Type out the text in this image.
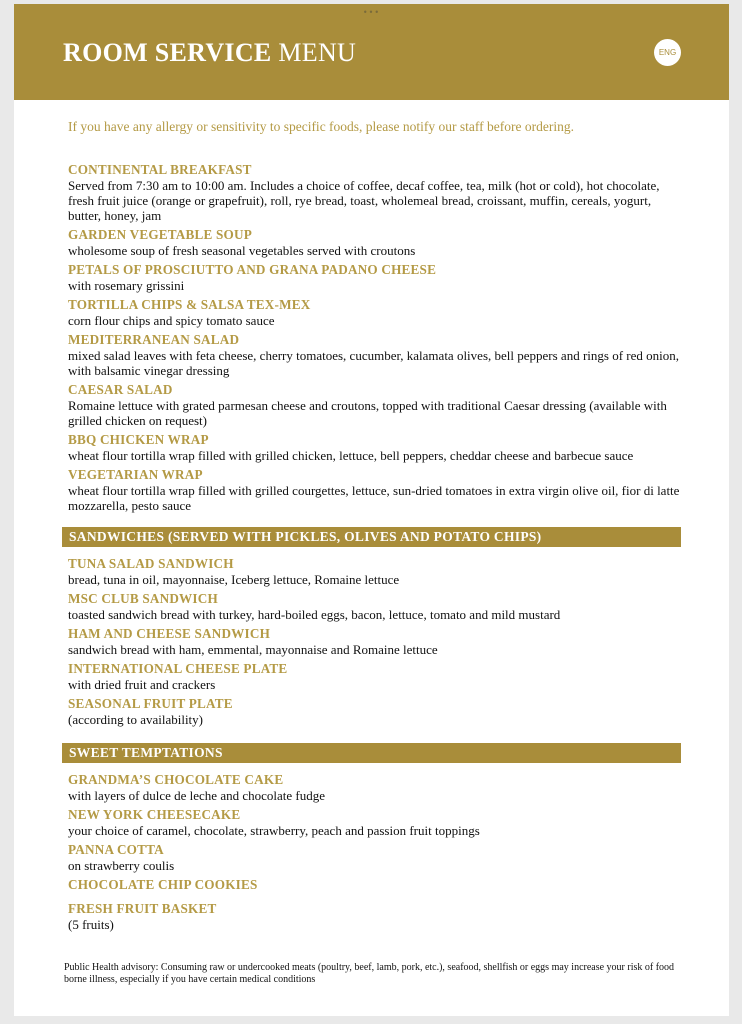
•••
ROOM SERVICE MENU	ENG
If you have any allergy or sensitivity to specific foods, please notify our staff before ordering.
CONTINENTAL BREAKFAST
Served from 7:30 am to 10:00 am. Includes a choice of coffee, decaf coffee, tea, milk (hot or cold), hot chocolate, fresh fruit juice (orange or grapefruit), roll, rye bread, toast, wholemeal bread, croissant, muffin, cereals, yogurt, butter, honey, jam
GARDEN VEGETABLE SOUP
wholesome soup of fresh seasonal vegetables served with croutons
PETALS OF PROSCIUTTO AND GRANA PADANO CHEESE
with rosemary grissini
TORTILLA CHIPS & SALSA TEX-MEX
corn flour chips and spicy tomato sauce
MEDITERRANEAN SALAD
mixed salad leaves with feta cheese, cherry tomatoes, cucumber, kalamata olives, bell peppers and rings of red onion, with balsamic vinegar dressing
CAESAR SALAD
Romaine lettuce with grated parmesan cheese and croutons, topped with traditional Caesar dressing (available with grilled chicken on request)
BBQ CHICKEN WRAP
wheat flour tortilla wrap filled with grilled chicken, lettuce, bell peppers, cheddar cheese and barbecue sauce
VEGETARIAN WRAP
wheat flour tortilla wrap filled with grilled courgettes, lettuce, sun-dried tomatoes in extra virgin olive oil, fior di latte mozzarella, pesto sauce
SANDWICHES (SERVED WITH PICKLES, OLIVES AND POTATO CHIPS)
TUNA SALAD SANDWICH
bread, tuna in oil, mayonnaise, Iceberg lettuce, Romaine lettuce
MSC CLUB SANDWICH
toasted sandwich bread with turkey, hard-boiled eggs, bacon, lettuce, tomato and mild mustard
HAM AND CHEESE SANDWICH
sandwich bread with ham, emmental, mayonnaise and Romaine lettuce
INTERNATIONAL CHEESE PLATE
with dried fruit and crackers
SEASONAL FRUIT PLATE
(according to availability)
SWEET TEMPTATIONS
GRANDMA’S CHOCOLATE CAKE
with layers of dulce de leche and chocolate fudge
NEW YORK CHEESECAKE
your choice of caramel, chocolate, strawberry, peach and passion fruit toppings
PANNA COTTA
on strawberry coulis
CHOCOLATE CHIP COOKIES
FRESH FRUIT BASKET
(5 fruits)
Public Health advisory: Consuming raw or undercooked meats (poultry, beef, lamb, pork, etc.), seafood, shellfish or eggs may increase your risk of food borne illness, especially if you have certain medical conditions
